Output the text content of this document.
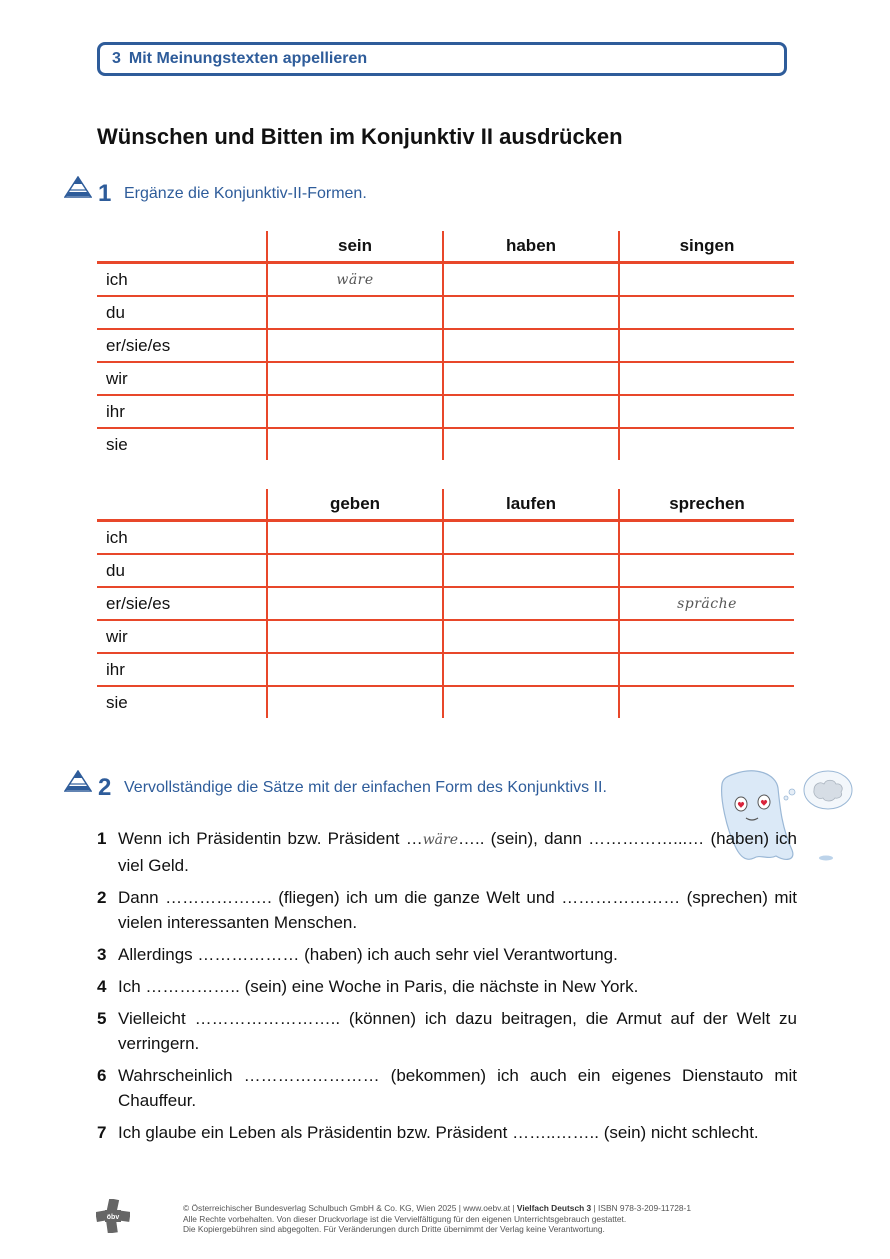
3 Mit Meinungstexten appellieren
Wünschen und Bitten im Konjunktiv II ausdrücken
1 Ergänze die Konjunktiv-II-Formen.
	sein	haben	singen
ich	wäre		
du			
er/sie/es			
wir			
ihr			
sie			
	geben	laufen	sprechen
ich			
du			
er/sie/es			spräche
wir			
ihr			
sie			
2 Vervollständige die Sätze mit der einfachen Form des Konjunktivs II.
1 Wenn ich Präsidentin bzw. Präsident …wäre….. (sein), dann ……………...… (haben) ich viel Geld.
2 Dann ………………. (fliegen) ich um die ganze Welt und ………………… (sprechen) mit vielen interessanten Menschen.
3 Allerdings ……………… (haben) ich auch sehr viel Verantwortung.
4 Ich …………….. (sein) eine Woche in Paris, die nächste in New York.
5 Vielleicht …………………….. (können) ich dazu beitragen, die Armut auf der Welt zu verringern.
6 Wahrscheinlich …………………… (bekommen) ich auch ein eigenes Dienstauto mit Chauffeur.
7 Ich glaube ein Leben als Präsidentin bzw. Präsident ……..…….. (sein) nicht schlecht.
öbv
© Österreichischer Bundesverlag Schulbuch GmbH & Co. KG, Wien 2025 | www.oebv.at | Vielfach Deutsch 3 | ISBN 978-3-209-11728-1
Alle Rechte vorbehalten. Von dieser Druckvorlage ist die Vervielfältigung für den eigenen Unterrichtsgebrauch gestattet.
Die Kopiergebühren sind abgegolten. Für Veränderungen durch Dritte übernimmt der Verlag keine Verantwortung.
